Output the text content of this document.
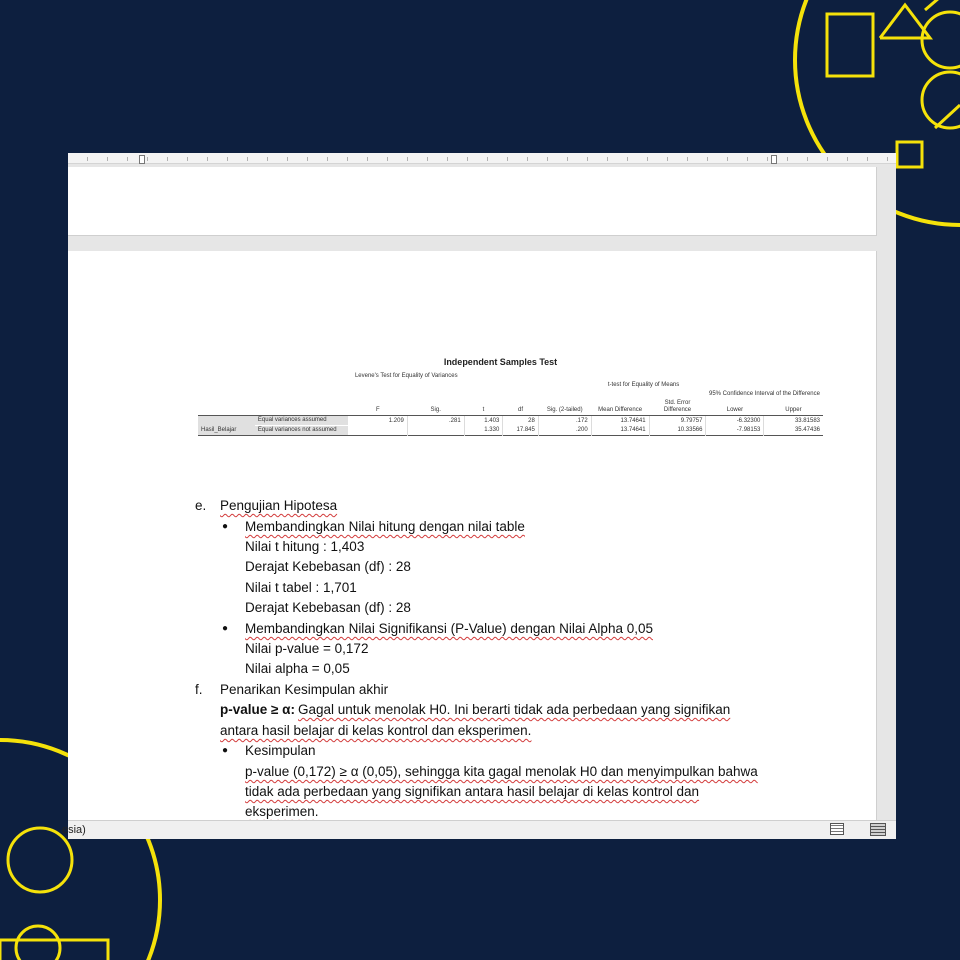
Independent Samples Test
		Levene's Test for Equality of Variances								
				t-test for Equality of Means						
									95% Confidence Interval of the Difference	
		F	Sig.	t	df	Sig. (2-tailed)	Mean Difference	Std. Error Difference	Lower	Upper
Hasil_Belajar	Equal variances assumed	1.209	.281	1.403	28	.172	13.74641	9.79757	-6.32300	33.81583
	Equal variances not assumed			1.330	17.845	.200	13.74641	10.33566	-7.98153	35.47436
e. Pengujian Hipotesa
● Membandingkan Nilai hitung dengan nilai table
Nilai t hitung : 1,403
Derajat Kebebasan (df) : 28
Nilai t tabel : 1,701
Derajat Kebebasan (df) : 28
● Membandingkan Nilai Signifikansi (P-Value) dengan Nilai Alpha 0,05
Nilai p-value = 0,172
Nilai alpha = 0,05
f. Penarikan Kesimpulan akhir
p-value ≥ α: Gagal untuk menolak H0. Ini berarti tidak ada perbedaan yang signifikan
antara hasil belajar di kelas kontrol dan eksperimen.
● Kesimpulan
p-value (0,172) ≥ α (0,05), sehingga kita gagal menolak H0 dan menyimpulkan bahwa
tidak ada perbedaan yang signifikan antara hasil belajar di kelas kontrol dan
eksperimen.
esia)
